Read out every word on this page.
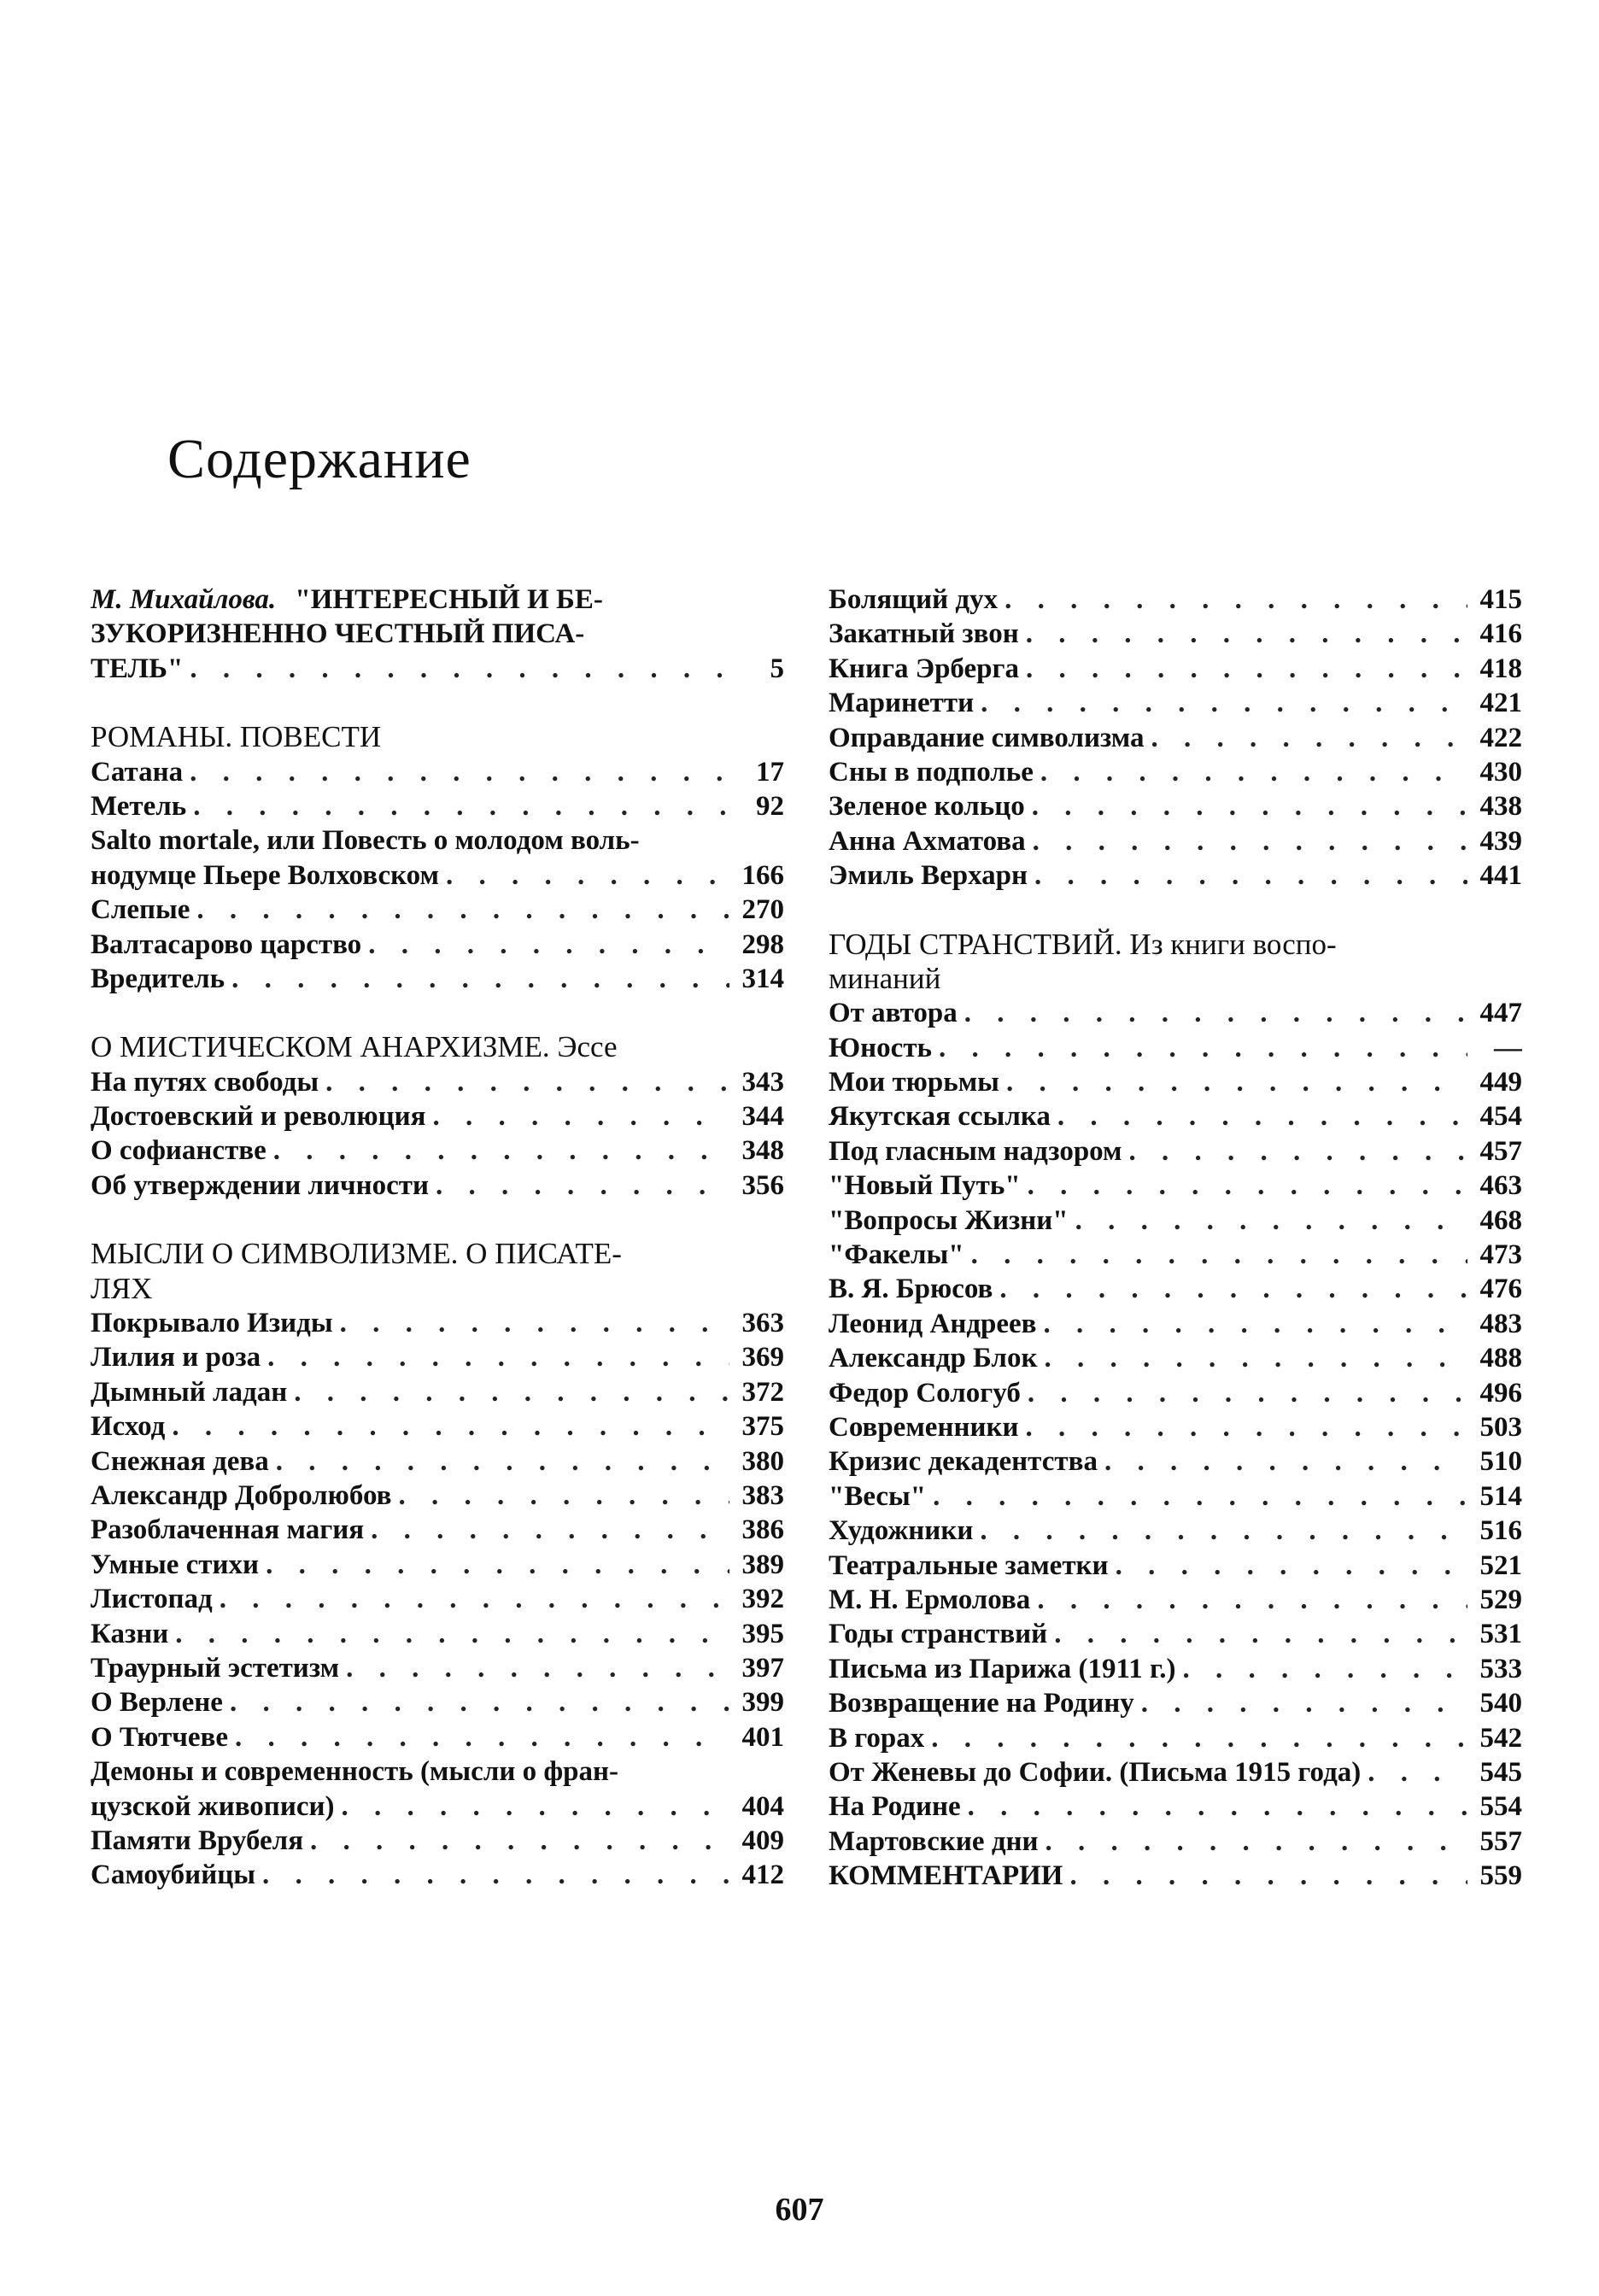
Содержание
М. Михайлова. "ИНТЕРЕСНЫЙ И БЕ-
ЗУКОРИЗНЕННО ЧЕСТНЫЙ ПИСА-
ТЕЛЬ" . . .	5
РОМАНЫ. ПОВЕСТИ
Сатана . . .	17
Метель . . .	92
Salto mortale, или Повесть о молодом воль-
нодумце Пьере Волховском . . .	166
Слепые . . .	270
Валтасарово царство . . .	298
Вредитель . . .	314
О МИСТИЧЕСКОМ АНАРХИЗМЕ. Эссе
На путях свободы . . .	343
Достоевский и революция . . .	344
О софианстве . . .	348
Об утверждении личности . . .	356
МЫСЛИ О СИМВОЛИЗМЕ. О ПИСАТЕ-
ЛЯХ
Покрывало Изиды . . .	363
Лилия и роза . . .	369
Дымный ладан . . .	372
Исход . . .	375
Снежная дева . . .	380
Александр Добролюбов . . .	383
Разоблаченная магия . . .	386
Умные стихи . . .	389
Листопад . . .	392
Казни . . .	395
Траурный эстетизм . . .	397
О Верлене . . .	399
О Тютчеве . . .	401
Демоны и современность (мысли о фран-
цузской живописи) . . .	404
Памяти Врубеля . . .	409
Самоубийцы . . .	412
Болящий дух . . .	415
Закатный звон . . .	416
Книга Эрберга . . .	418
Маринетти . . .	421
Оправдание символизма . . .	422
Сны в подполье . . .	430
Зеленое кольцо . . .	438
Анна Ахматова . . .	439
Эмиль Верхарн . . .	441
ГОДЫ СТРАНСТВИЙ. Из книги воспо-
минаний
От автора . . .	447
Юность . . .	—
Мои тюрьмы . . .	449
Якутская ссылка . . .	454
Под гласным надзором . . .	457
"Новый Путь" . . .	463
"Вопросы Жизни" . . .	468
"Факелы" . . .	473
В. Я. Брюсов . . .	476
Леонид Андреев . . .	483
Александр Блок . . .	488
Федор Сологуб . . .	496
Современники . . .	503
Кризис декадентства . . .	510
"Весы" . . .	514
Художники . . .	516
Театральные заметки . . .	521
М. Н. Ермолова . . .	529
Годы странствий . . .	531
Письма из Парижа (1911 г.) . . .	533
Возвращение на Родину . . .	540
В горах . . .	542
От Женевы до Софии. (Письма 1915 года) . . .	545
На Родине . . .	554
Мартовские дни . . .	557
КОММЕНТАРИИ . . .	559
607
